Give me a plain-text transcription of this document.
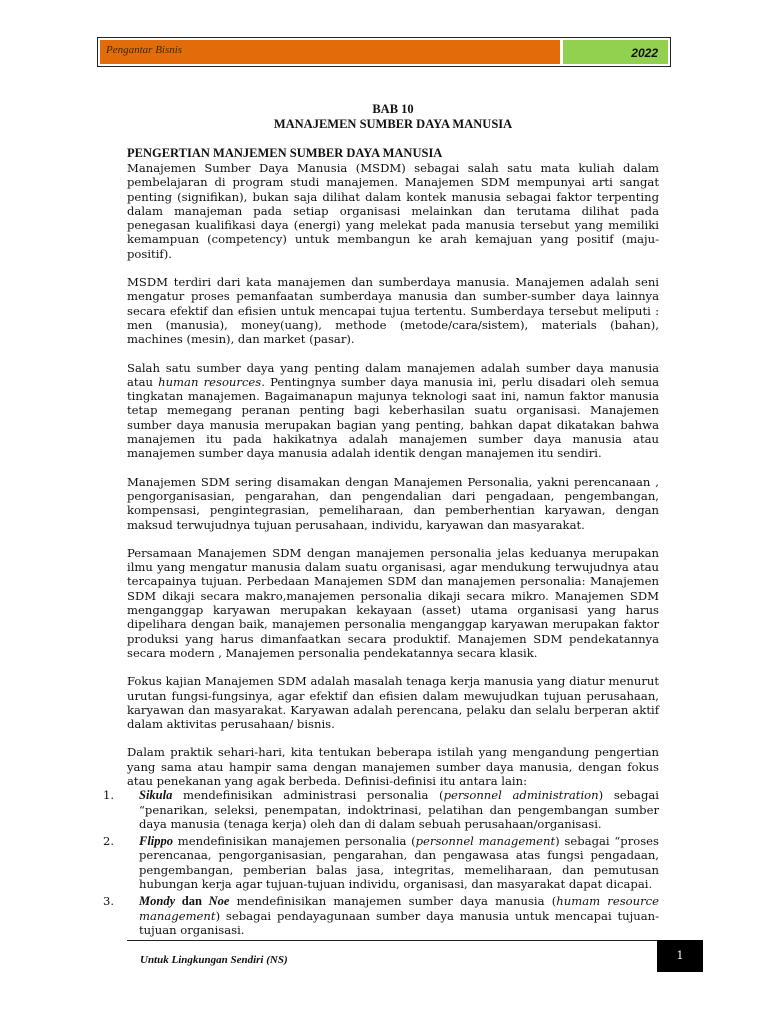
Pengantar Bisnis	2022
BAB 10
MANAJEMEN SUMBER DAYA MANUSIA
PENGERTIAN MANJEMEN SUMBER DAYA MANUSIA

Manajemen Sumber Daya Manusia (MSDM) sebagai salah satu mata kuliah dalam pembelajaran di program studi manajemen. Manajemen SDM mempunyai arti sangat penting (signifikan), bukan saja dilihat dalam kontek manusia sebagai faktor terpenting dalam manajeman pada setiap organisasi melainkan dan terutama dilihat pada penegasan kualifikasi daya (energi) yang melekat pada manusia tersebut yang memiliki kemampuan (competency) untuk membangun ke arah kemajuan yang positif (maju-positif).

MSDM terdiri dari kata manajemen dan sumberdaya manusia. Manajemen adalah seni mengatur proses pemanfaatan sumberdaya manusia dan sumber-sumber daya lainnya secara efektif dan efisien untuk mencapai tujua tertentu. Sumberdaya tersebut meliputi : men (manusia), money(uang), methode (metode/cara/sistem), materials (bahan), machines (mesin), dan market (pasar).

Salah satu sumber daya yang penting dalam manajemen adalah sumber daya manusia atau human resources. Pentingnya sumber daya manusia ini, perlu disadari oleh semua tingkatan manajemen. Bagaimanapun majunya teknologi saat ini, namun faktor manusia tetap memegang peranan penting bagi keberhasilan suatu organisasi. Manajemen sumber daya manusia merupakan bagian yang penting, bahkan dapat dikatakan bahwa manajemen itu pada hakikatnya adalah manajemen sumber daya manusia atau manajemen sumber daya manusia adalah identik dengan manajemen itu sendiri.

Manajemen SDM sering disamakan dengan Manajemen Personalia, yakni perencanaan , pengorganisasian, pengarahan, dan pengendalian dari pengadaan, pengembangan, kompensasi, pengintegrasian, pemeliharaan, dan pemberhentian karyawan, dengan maksud terwujudnya tujuan perusahaan, individu, karyawan dan masyarakat.

Persamaan Manajemen SDM dengan manajemen personalia jelas keduanya merupakan ilmu yang mengatur manusia dalam suatu organisasi, agar mendukung terwujudnya atau tercapainya tujuan. Perbedaan Manajemen SDM dan manajemen personalia: Manajemen SDM dikaji secara makro,manajemen personalia dikaji secara mikro. Manajemen SDM menganggap karyawan merupakan kekayaan (asset) utama organisasi yang harus dipelihara dengan baik, manajemen personalia menganggap karyawan merupakan faktor produksi yang harus dimanfaatkan secara produktif. Manajemen SDM pendekatannya secara modern , Manajemen personalia pendekatannya secara klasik.

Fokus kajian Manajemen SDM adalah masalah tenaga kerja manusia yang diatur menurut urutan fungsi-fungsinya, agar efektif dan efisien dalam mewujudkan tujuan perusahaan, karyawan dan masyarakat. Karyawan adalah perencana, pelaku dan selalu berperan aktif dalam aktivitas perusahaan/ bisnis.

Dalam praktik sehari-hari, kita tentukan beberapa istilah yang mengandung pengertian yang sama atau hampir sama dengan manajemen sumber daya manusia, dengan fokus atau penekanan yang agak berbeda. Definisi-definisi itu antara lain:

1.	Sikula mendefinisikan administrasi personalia (personnel administration) sebagai “penarikan, seleksi, penempatan, indoktrinasi, pelatihan dan pengembangan sumber daya manusia (tenaga kerja) oleh dan di dalam sebuah perusahaan/organisasi.
2.	Flippo mendefinisikan manajemen personalia (personnel management) sebagai “proses perencanaa, pengorganisasian, pengarahan, dan pengawasa atas fungsi pengadaan, pengembangan, pemberian balas jasa, integritas, memeliharaan, dan pemutusan hubungan kerja agar tujuan-tujuan individu, organisasi, dan masyarakat dapat dicapai.
3.	Mondy dan Noe mendefinisikan manajemen sumber daya manusia (humam resource management) sebagai pendayagunaan sumber daya manusia untuk mencapai tujuan-tujuan organisasi.
Untuk Lingkungan Sendiri (NS)	1
